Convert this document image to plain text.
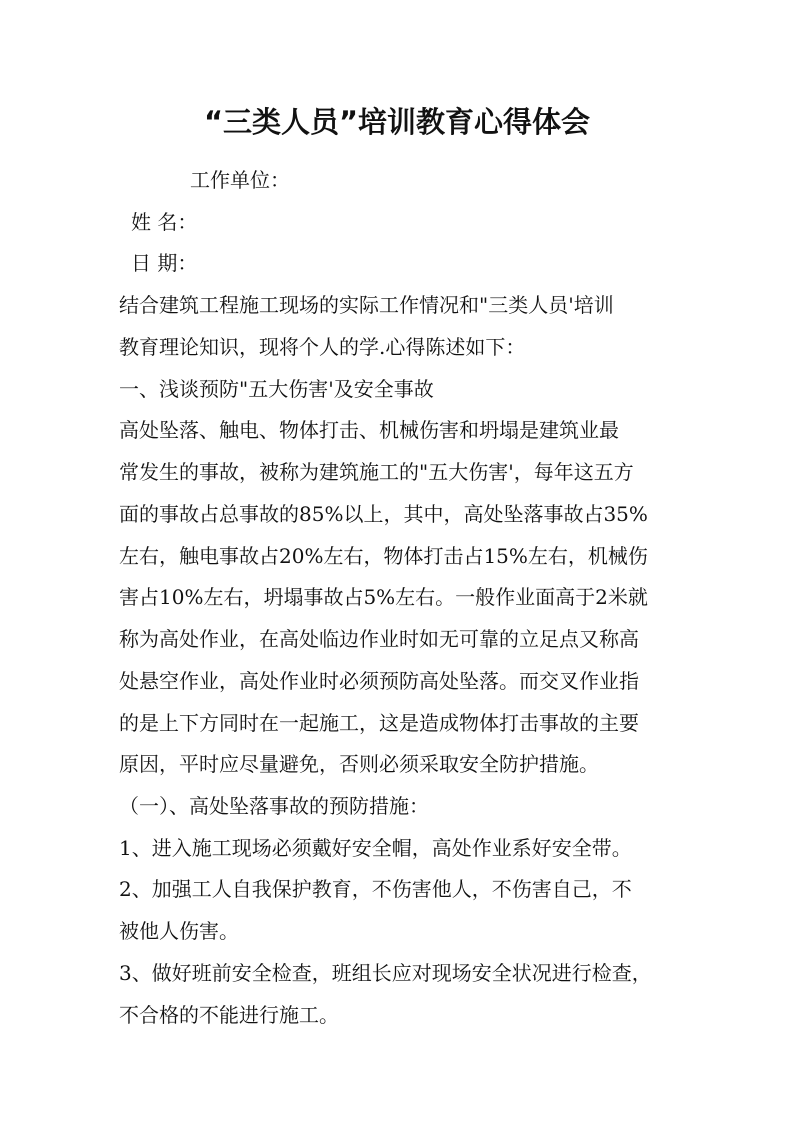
“三类人员”培训教育心得体会

工作单位：

姓 名：

日 期：

结合建筑工程施工现场的实际工作情况和"三类人员'培训

教育理论知识，现将个人的学.心得陈述如下：

一、浅谈预防"五大伤害'及安全事故

高处坠落、触电、物体打击、机械伤害和坍塌是建筑业最

常发生的事故，被称为建筑施工的"五大伤害'，每年这五方

面的事故占总事故的85%以上，其中，高处坠落事故占35%

左右，触电事故占20%左右，物体打击占15%左右，机械伤

害占10%左右，坍塌事故占5%左右。一般作业面高于2米就

称为高处作业，在高处临边作业时如无可靠的立足点又称高

处悬空作业，高处作业时必须预防高处坠落。而交叉作业指

的是上下方同时在一起施工，这是造成物体打击事故的主要

原因，平时应尽量避免，否则必须采取安全防护措施。

（一）、高处坠落事故的预防措施：

1、进入施工现场必须戴好安全帽，高处作业系好安全带。

2、加强工人自我保护教育，不伤害他人，不伤害自己，不

被他人伤害。

3、做好班前安全检查，班组长应对现场安全状况进行检查，

不合格的不能进行施工。
